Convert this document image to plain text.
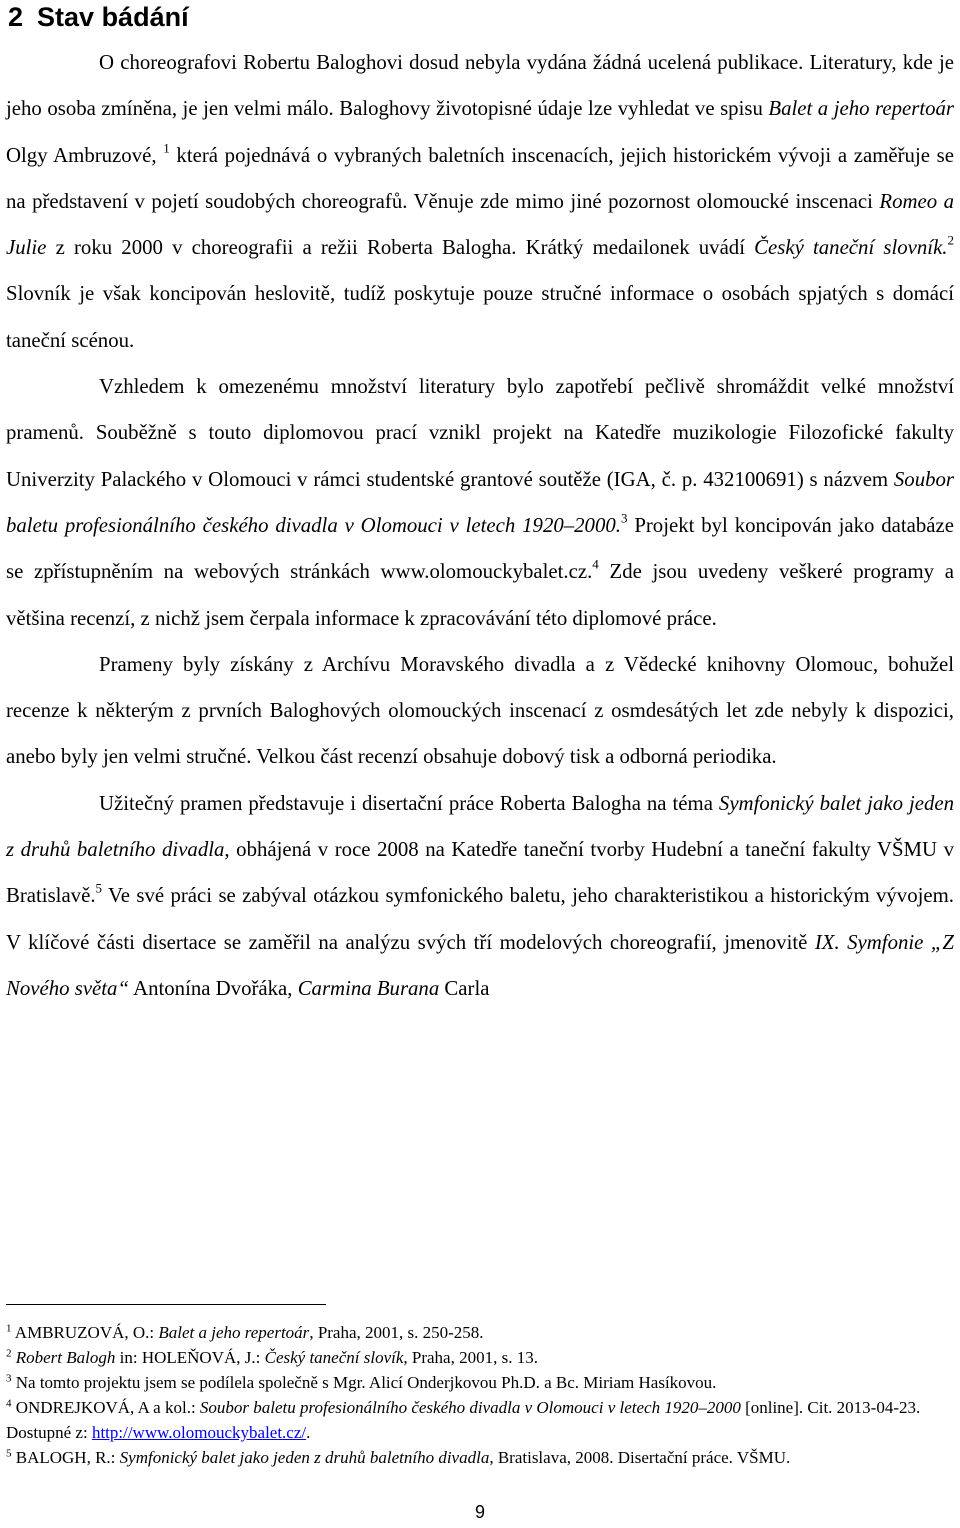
2 Stav bádání

O choreografovi Robertu Baloghovi dosud nebyla vydána žádná ucelená publikace. Literatury, kde je jeho osoba zmíněna, je jen velmi málo. Baloghovy životopisné údaje lze vyhledat ve spisu Balet a jeho repertoár Olgy Ambruzové, $^1$ která pojednává o vybraných baletních inscenacích, jejich historickém vývoji a zaměřuje se na představení v pojetí soudobých choreografů. Věnuje zde mimo jiné pozornost olomoucké inscenaci Romeo a Julie z roku 2000 v choreografii a režii Roberta Balogha. Krátký medailonek uvádí Český taneční slovník.$^2$ Slovník je však koncipován heslovitě, tudíž poskytuje pouze stručné informace o osobách spjatých s domácí taneční scénou.

Vzhledem k omezenému množství literatury bylo zapotřebí pečlivě shromáždit velké množství pramenů. Souběžně s touto diplomovou prací vznikl projekt na Katedře muzikologie Filozofické fakulty Univerzity Palackého v Olomouci v rámci studentské grantové soutěže (IGA, č. p. 432100691) s názvem Soubor baletu profesionálního českého divadla v Olomouci v letech 1920–2000.$^3$ Projekt byl koncipován jako databáze se zpřístupněním na webových stránkách www.olomouckybalet.cz.$^4$ Zde jsou uvedeny veškeré programy a většina recenzí, z nichž jsem čerpala informace k zpracovávání této diplomové práce.

Prameny byly získány z Archívu Moravského divadla a z Vědecké knihovny Olomouc, bohužel recenze k některým z prvních Baloghových olomouckých inscenací z osmdesátých let zde nebyly k dispozici, anebo byly jen velmi stručné. Velkou část recenzí obsahuje dobový tisk a odborná periodika.

Užitečný pramen představuje i disertační práce Roberta Balogha na téma Symfonický balet jako jeden z druhů baletního divadla, obhájená v roce 2008 na Katedře taneční tvorby Hudební a taneční fakulty VŠMU v Bratislavě.$^5$ Ve své práci se zabýval otázkou symfonického baletu, jeho charakteristikou a historickým vývojem. V klíčové části disertace se zaměřil na analýzu svých tří modelových choreografií, jmenovitě IX. Symfonie „Z Nového světa“ Antonína Dvořáka, Carmina Burana Carla

$^1$ AMBRUZOVÁ, O.: Balet a jeho repertoár, Praha, 2001, s. 250-258.

$^2$ Robert Balogh in: HOLEŇOVÁ, J.: Český taneční slovík, Praha, 2001, s. 13.

$^3$ Na tomto projektu jsem se podílela společně s Mgr. Alicí Onderjkovou Ph.D. a Bc. Miriam Hasíkovou.

$^4$ ONDREJKOVÁ, A a kol.: Soubor baletu profesionálního českého divadla v Olomouci v letech 1920–2000 [online]. Cit. 2013-04-23. Dostupné z: http://www.olomouckybalet.cz/.

$^5$ BALOGH, R.: Symfonický balet jako jeden z druhů baletního divadla, Bratislava, 2008. Disertační práce. VŠMU.

9
